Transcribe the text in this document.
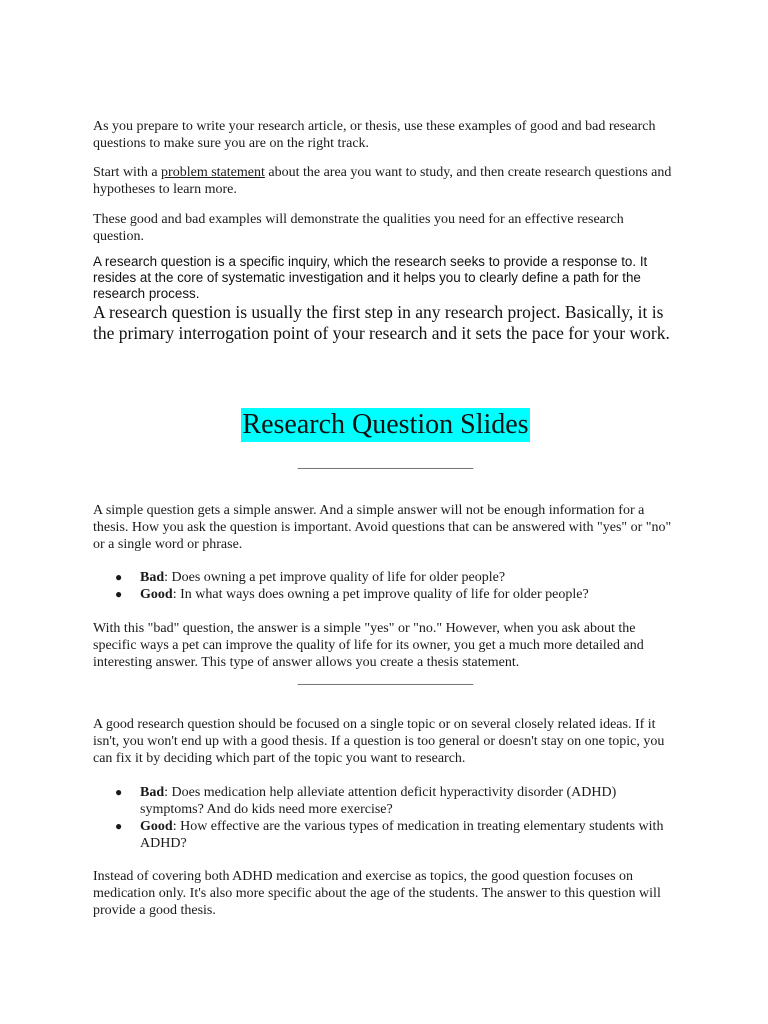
As you prepare to write your research article, or thesis, use these examples of good and bad research questions to make sure you are on the right track.

Start with a problem statement about the area you want to study, and then create research questions and hypotheses to learn more.

These good and bad examples will demonstrate the qualities you need for an effective research question.

A research question is a specific inquiry, which the research seeks to provide a response to. It resides at the core of systematic investigation and it helps you to clearly define a path for the research process.

A research question is usually the first step in any research project. Basically, it is the primary interrogation point of your research and it sets the pace for your work.

Research Question Slides
___________________________

A simple question gets a simple answer. And a simple answer will not be enough information for a thesis. How you ask the question is important. Avoid questions that can be answered with "yes" or "no" or a single word or phrase.

● Bad: Does owning a pet improve quality of life for older people?
● Good: In what ways does owning a pet improve quality of life for older people?

With this "bad" question, the answer is a simple "yes" or "no." However, when you ask about the specific ways a pet can improve the quality of life for its owner, you get a much more detailed and interesting answer. This type of answer allows you create a thesis statement.

___________________________

A good research question should be focused on a single topic or on several closely related ideas. If it isn't, you won't end up with a good thesis. If a question is too general or doesn't stay on one topic, you can fix it by deciding which part of the topic you want to research.

● Bad: Does medication help alleviate attention deficit hyperactivity disorder (ADHD) symptoms? And do kids need more exercise?
● Good: How effective are the various types of medication in treating elementary students with ADHD?

Instead of covering both ADHD medication and exercise as topics, the good question focuses on medication only. It's also more specific about the age of the students. The answer to this question will provide a good thesis.
